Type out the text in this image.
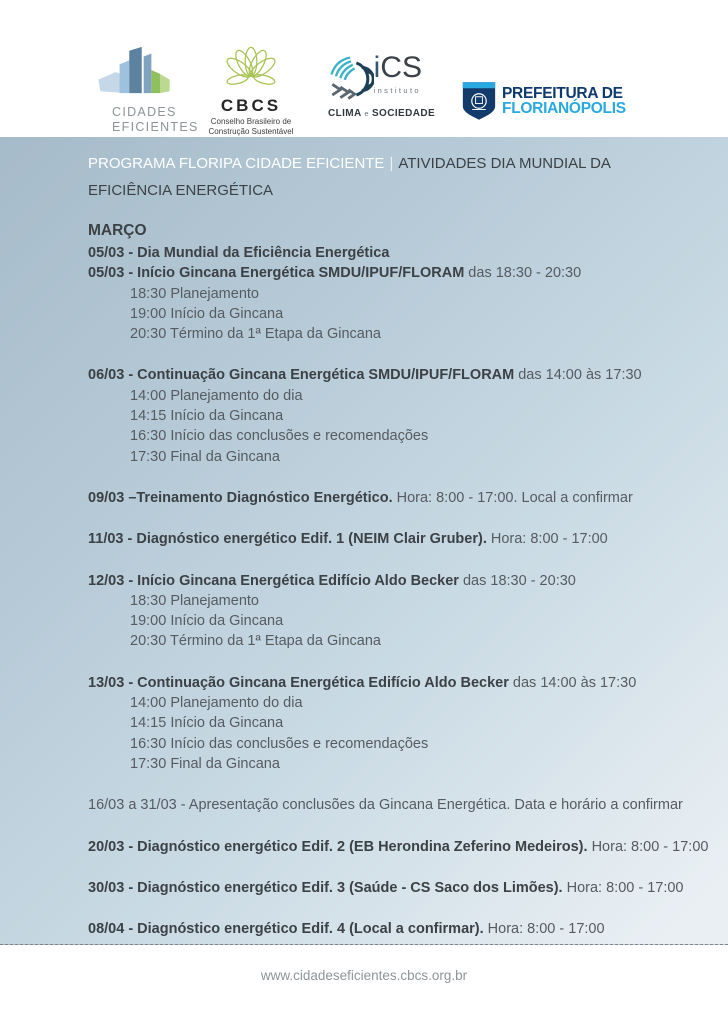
CIDADES
EFICIENTES
CBCS
Conselho Brasileiro de
Construção Sustentável
iCS
instituto
CLIMA e SOCIEDADE
PREFEITURA DE
FLORIANÓPOLIS
PROGRAMA FLORIPA CIDADE EFICIENTE | ATIVIDADES DIA MUNDIAL DA EFICIÊNCIA ENERGÉTICA
MARÇO
05/03 - Dia Mundial da Eficiência Energética
05/03 - Início Gincana Energética SMDU/IPUF/FLORAM das 18:30 - 20:30
18:30 Planejamento
19:00 Início da Gincana
20:30 Término da 1ª Etapa da Gincana
06/03 - Continuação Gincana Energética SMDU/IPUF/FLORAM das 14:00 às 17:30
14:00 Planejamento do dia
14:15 Início da Gincana
16:30 Início das conclusões e recomendações
17:30 Final da Gincana
09/03 –Treinamento Diagnóstico Energético. Hora: 8:00 - 17:00. Local a confirmar
11/03 - Diagnóstico energético Edif. 1 (NEIM Clair Gruber). Hora: 8:00 - 17:00
12/03 - Início Gincana Energética Edifício Aldo Becker das 18:30 - 20:30
18:30 Planejamento
19:00 Início da Gincana
20:30 Término da 1ª Etapa da Gincana
13/03 - Continuação Gincana Energética Edifício Aldo Becker das 14:00 às 17:30
14:00 Planejamento do dia
14:15 Início da Gincana
16:30 Início das conclusões e recomendações
17:30 Final da Gincana
16/03 a 31/03 - Apresentação conclusões da Gincana Energética. Data e horário a confirmar
20/03 - Diagnóstico energético Edif. 2 (EB Herondina Zeferino Medeiros). Hora: 8:00 - 17:00
30/03 - Diagnóstico energético Edif. 3 (Saúde - CS Saco dos Limões). Hora: 8:00 - 17:00
08/04 - Diagnóstico energético Edif. 4 (Local a confirmar). Hora: 8:00 - 17:00
www.cidadeseficientes.cbcs.org.br
